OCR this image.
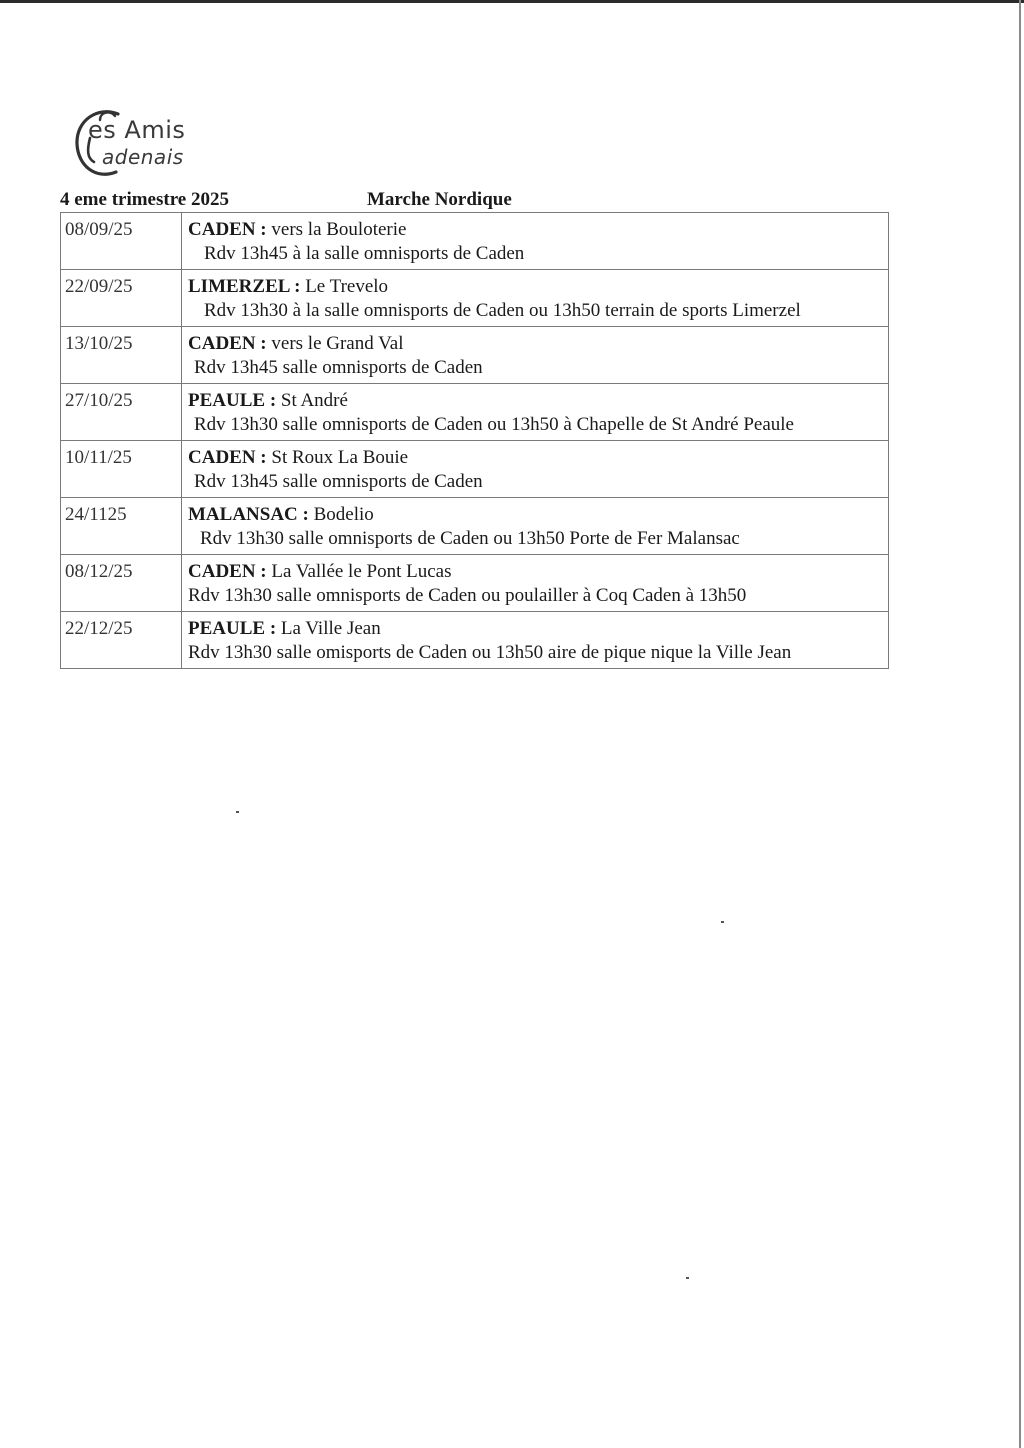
es Amis
adenais
4 eme trimestre 2025	Marche Nordique
08/09/25	CADEN : vers la Bouloterie
Rdv 13h45 à la salle omnisports de Caden

22/09/25	LIMERZEL : Le Trevelo
Rdv 13h30 à la salle omnisports de Caden ou 13h50 terrain de sports Limerzel

13/10/25	CADEN : vers le Grand Val
Rdv 13h45 salle omnisports de Caden

27/10/25	PEAULE : St André
Rdv 13h30 salle omnisports de Caden ou 13h50 à Chapelle de St André Peaule

10/11/25	CADEN : St Roux La Bouie
Rdv 13h45 salle omnisports de Caden

24/1125	MALANSAC : Bodelio
Rdv 13h30 salle omnisports de Caden ou 13h50 Porte de Fer Malansac

08/12/25	CADEN : La Vallée le Pont Lucas
Rdv 13h30 salle omnisports de Caden ou poulailler à Coq Caden à 13h50

22/12/25	PEAULE : La Ville Jean
Rdv 13h30 salle omisports de Caden ou 13h50 aire de pique nique la Ville Jean
